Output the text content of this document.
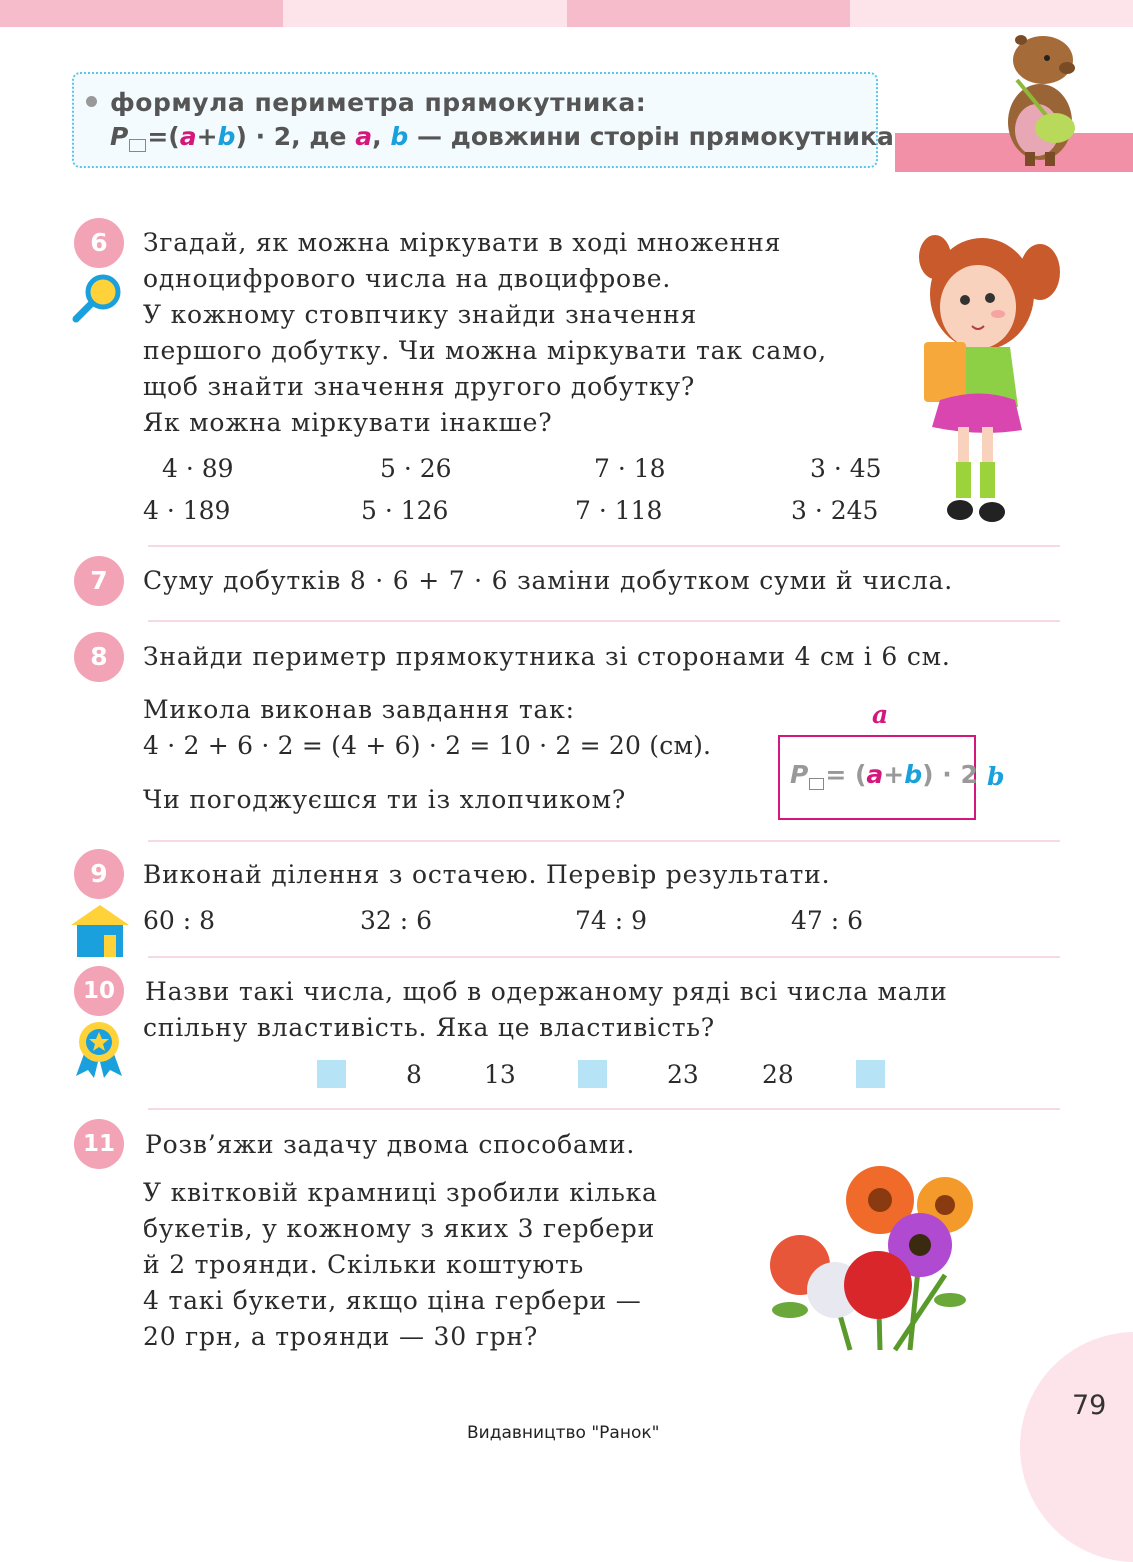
формула периметра прямокутника:
P =(a+b) · 2, де a, b — довжини сторін прямокутника
6	Згадай, як можна міркувати в ході множення
одноцифрового числа на двоцифрове.
У кожному стовпчику знайди значення
першого добутку. Чи можна міркувати так само,
щоб знайти значення другого добутку?
Як можна міркувати інакше?
4 · 89	5 · 26	7 · 18	3 · 45
4 · 189	5 · 126	7 · 118	3 · 245
7	Суму добутків 8 · 6 + 7 · 6 заміни добутком суми й числа.
8	Знайди периметр прямокутника зі сторонами 4 см і 6 см.
Микола виконав завдання так:
4 · 2 + 6 · 2 = (4 + 6) · 2 = 10 · 2 = 20 (см).
Чи погоджуєшся ти із хлопчиком?
a
P = (a+b) · 2 b
9	Виконай ділення з остачею. Перевір результати.
60 : 8	32 : 6	74 : 9	47 : 6
10	Назви такі числа, щоб в одержаному ряді всі числа мали
спільну властивість. Яка це властивість?
8 13	23	28
11	Розв’яжи задачу двома способами.
У квітковій крамниці зробили кілька
букетів, у кожному з яких 3 гербери
й 2 троянди. Скільки коштують
4 такі букети, якщо ціна гербери —
20 грн, а троянди — 30 грн?
79
Видавництво "Ранок"
